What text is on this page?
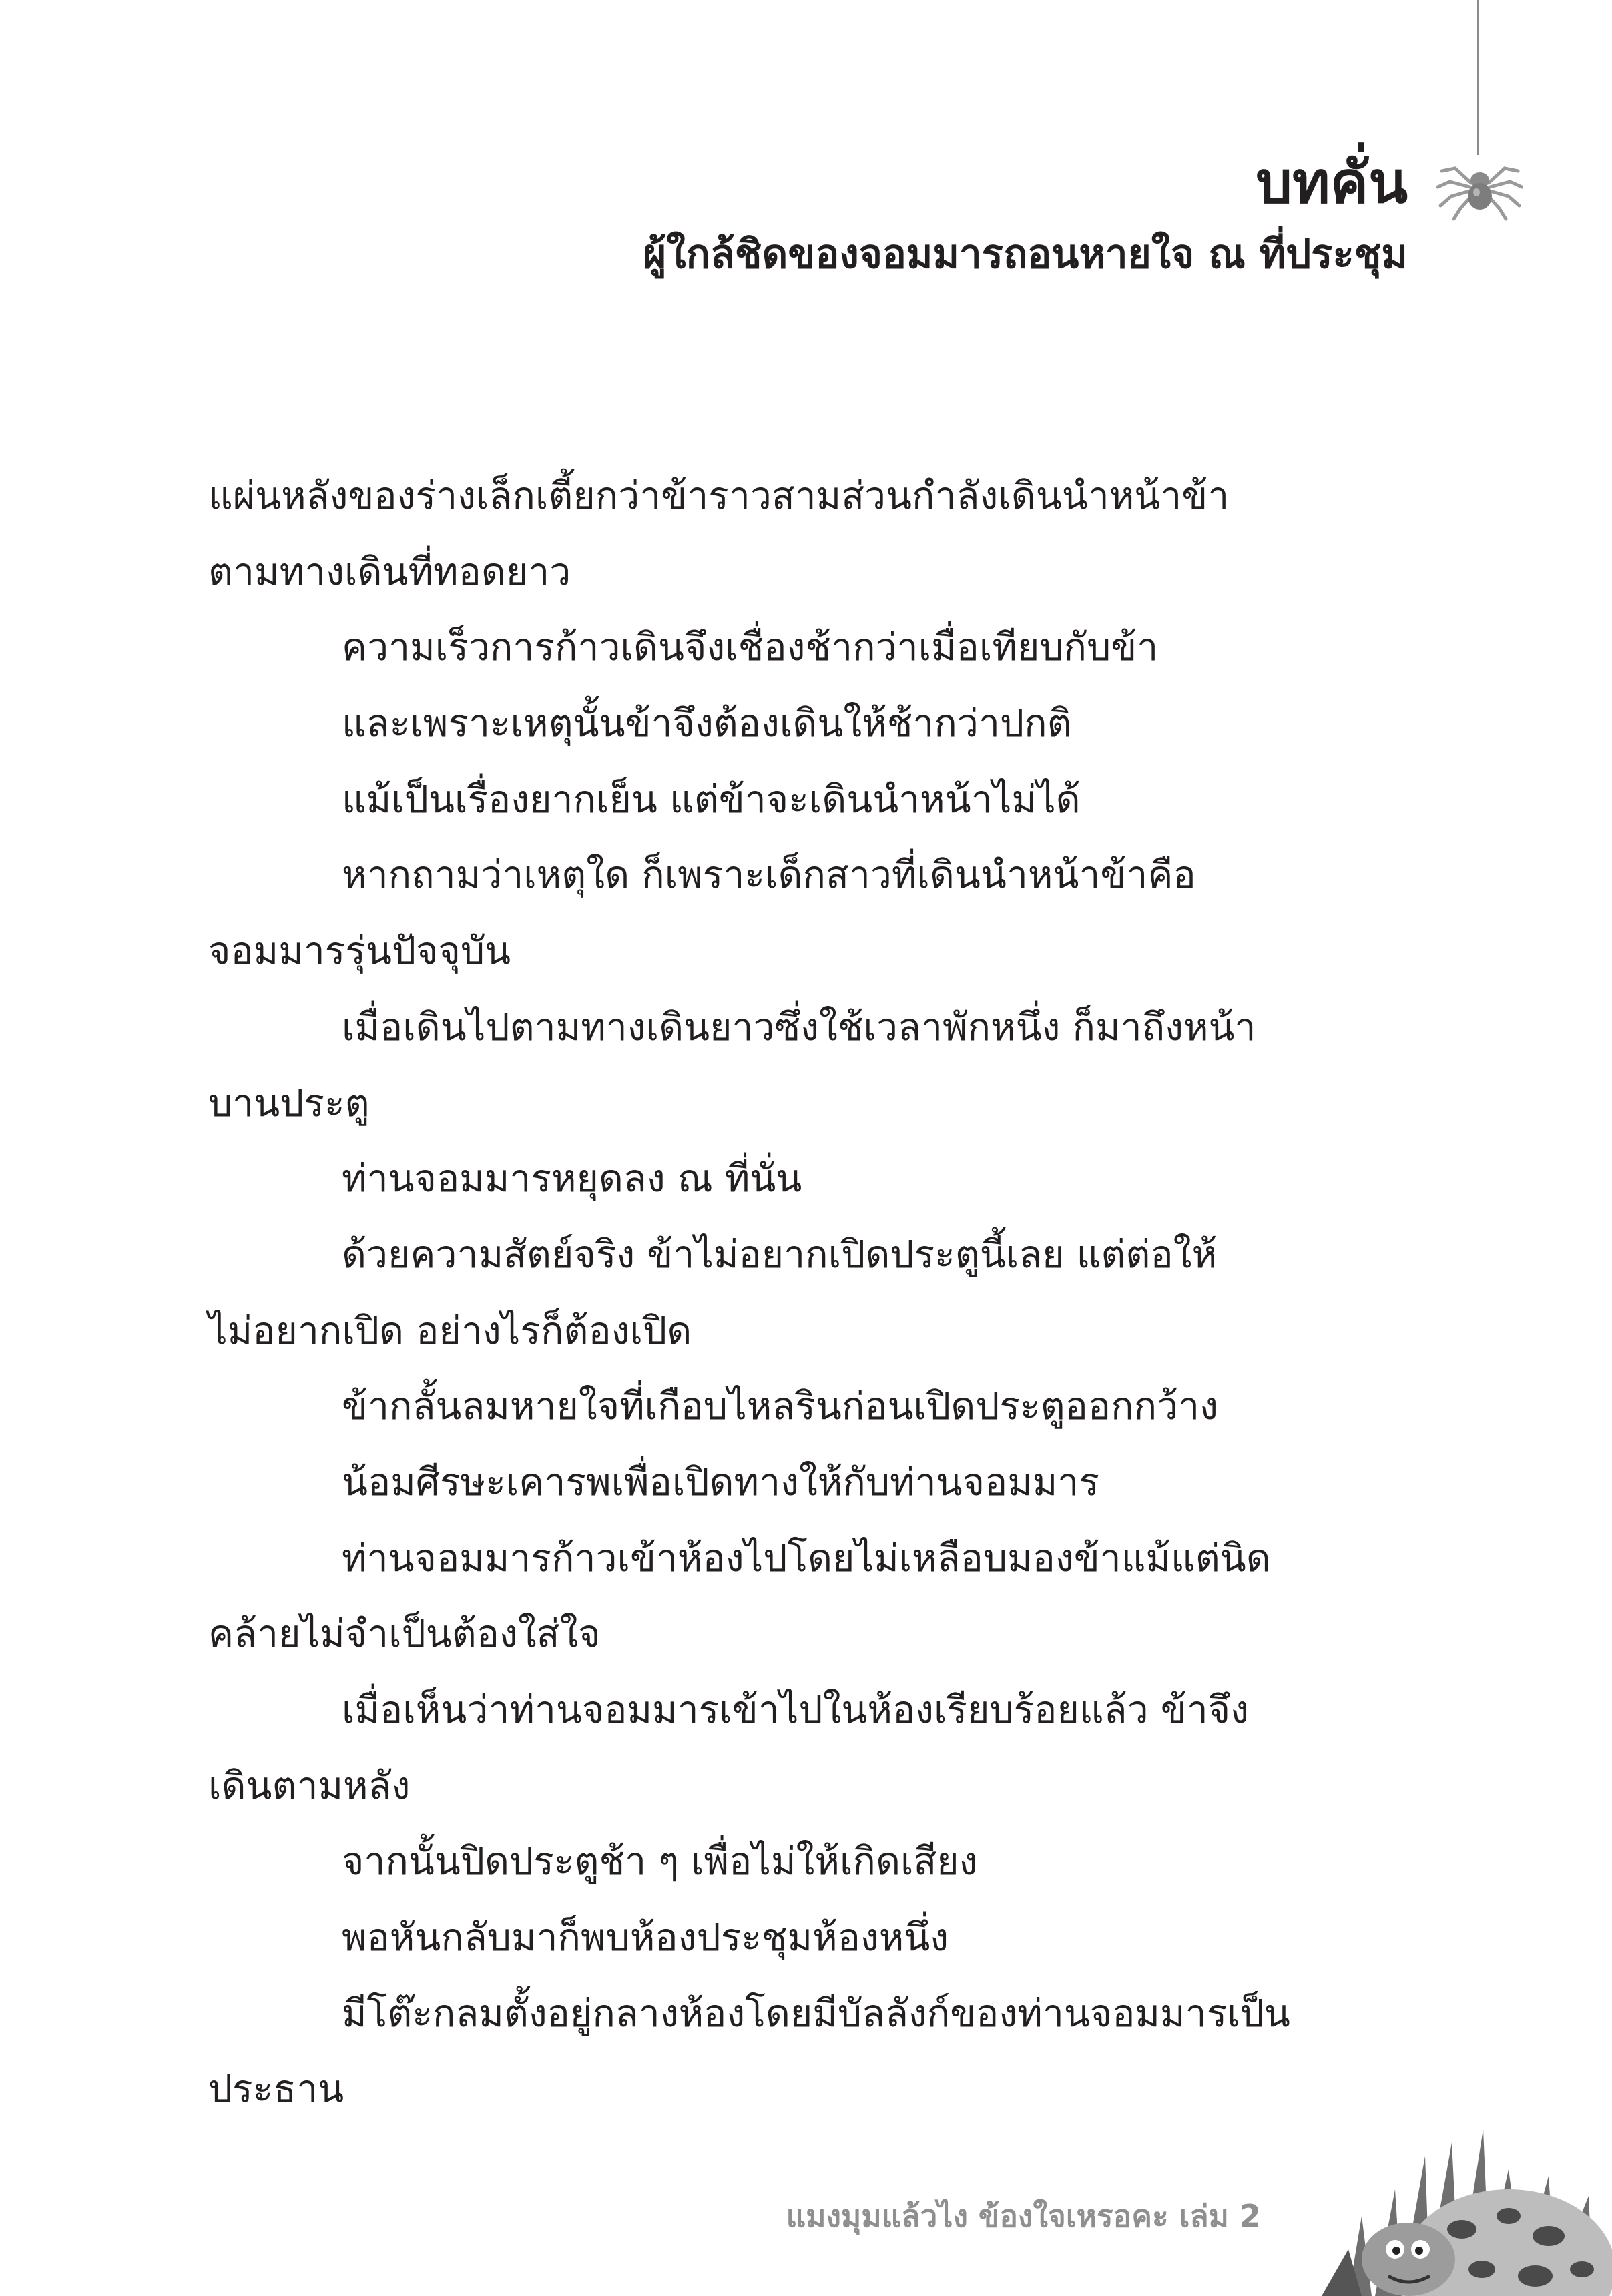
บทคั่น
ผู้ใกล้ชิดของจอมมารถอนหายใจ ณ ที่ประชุม
แผ่นหลังของร่างเล็กเตี้ยกว่าข้าราวสามส่วนกำลังเดินนำหน้าข้า
ตามทางเดินที่ทอดยาว
ความเร็วการก้าวเดินจึงเชื่องช้ากว่าเมื่อเทียบกับข้า
และเพราะเหตุนั้นข้าจึงต้องเดินให้ช้ากว่าปกติ
แม้เป็นเรื่องยากเย็น แต่ข้าจะเดินนำหน้าไม่ได้
หากถามว่าเหตุใด ก็เพราะเด็กสาวที่เดินนำหน้าข้าคือ
จอมมารรุ่นปัจจุบัน
เมื่อเดินไปตามทางเดินยาวซึ่งใช้เวลาพักหนึ่ง ก็มาถึงหน้า
บานประตู
ท่านจอมมารหยุดลง ณ ที่นั่น
ด้วยความสัตย์จริง ข้าไม่อยากเปิดประตูนี้เลย แต่ต่อให้
ไม่อยากเปิด อย่างไรก็ต้องเปิด
ข้ากลั้นลมหายใจที่เกือบไหลรินก่อนเปิดประตูออกกว้าง
น้อมศีรษะเคารพเพื่อเปิดทางให้กับท่านจอมมาร
ท่านจอมมารก้าวเข้าห้องไปโดยไม่เหลือบมองข้าแม้แต่นิด
คล้ายไม่จำเป็นต้องใส่ใจ
เมื่อเห็นว่าท่านจอมมารเข้าไปในห้องเรียบร้อยแล้ว ข้าจึง
เดินตามหลัง
จากนั้นปิดประตูช้า ๆ เพื่อไม่ให้เกิดเสียง
พอหันกลับมาก็พบห้องประชุมห้องหนึ่ง
มีโต๊ะกลมตั้งอยู่กลางห้องโดยมีบัลลังก์ของท่านจอมมารเป็น
ประธาน
แมงมุมแล้วไง ข้องใจเหรอคะ เล่ม 2
